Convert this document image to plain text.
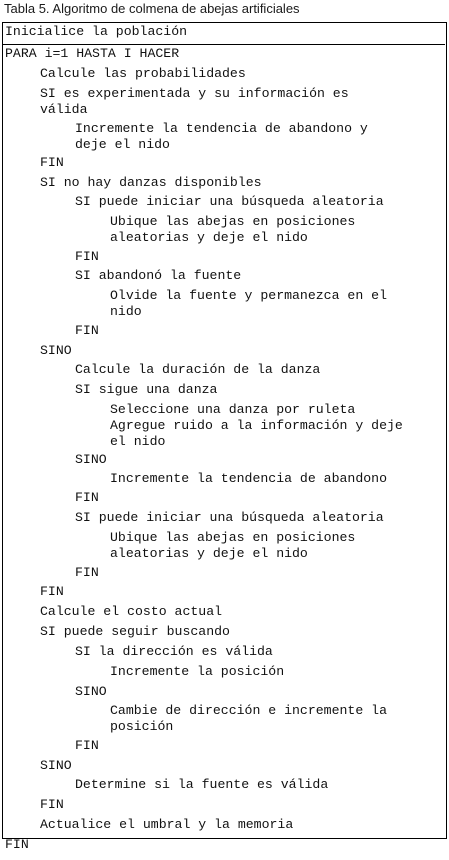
Tabla 5. Algoritmo de colmena de abejas artificiales
Inicialice la población
PARA i=1 HASTA I HACER
Calcule las probabilidades
SI es experimentada y su información es
válida
Incremente la tendencia de abandono y
deje el nido
FIN
SI no hay danzas disponibles
SI puede iniciar una búsqueda aleatoria
Ubique las abejas en posiciones
aleatorias y deje el nido
FIN
SI abandonó la fuente
Olvide la fuente y permanezca en el
nido
FIN
SINO
Calcule la duración de la danza
SI sigue una danza
Seleccione una danza por ruleta
Agregue ruido a la información y deje
el nido
SINO
Incremente la tendencia de abandono
FIN
SI puede iniciar una búsqueda aleatoria
Ubique las abejas en posiciones
aleatorias y deje el nido
FIN
FIN
Calcule el costo actual
SI puede seguir buscando
SI la dirección es válida
Incremente la posición
SINO
Cambie de dirección e incremente la
posición
FIN
SINO
Determine si la fuente es válida
FIN
Actualice el umbral y la memoria
FIN
